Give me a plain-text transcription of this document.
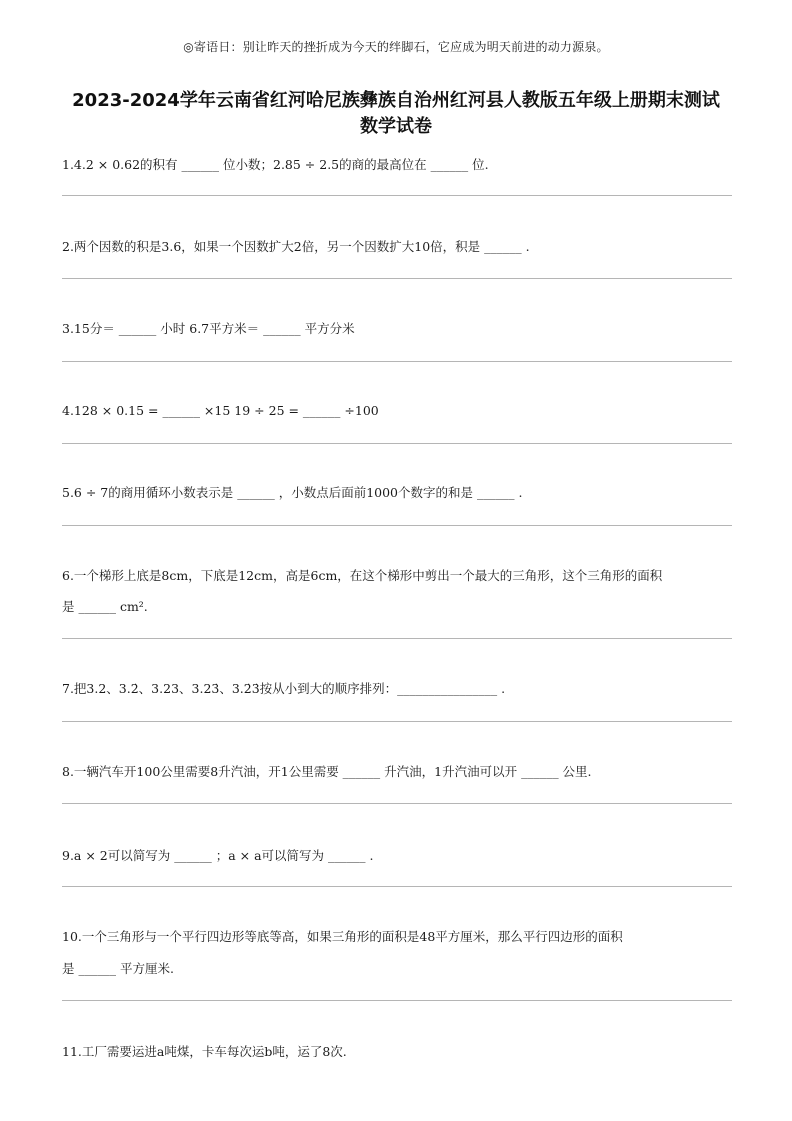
◎寄语日：别让昨天的挫折成为今天的绊脚石，它应成为明天前进的动力源泉。
2023-2024学年云南省红河哈尼族彝族自治州红河县人教版五年级上册期末测试
数学试卷
1.4.2 × 0.62的积有 ______ 位小数；2.85 ÷ 2.5的商的最高位在 ______ 位.
2.两个因数的积是3.6，如果一个因数扩大2倍，另一个因数扩大10倍，积是 ______ .
3.15分＝ ______ 小时 6.7平方米＝ ______ 平方分米
4.128 × 0.15 = ______ ×15 19 ÷ 25 = ______ ÷100
5.6 ÷ 7的商用循环小数表示是 ______ ，小数点后面前1000个数字的和是 ______ .
6.一个梯形上底是8cm，下底是12cm，高是6cm，在这个梯形中剪出一个最大的三角形，这个三角形的面积
是 ______ cm².
7.把3.2、3.2̇、3.23、3.23̇、3.2̇3̇按从小到大的顺序排列：________________ .
8.一辆汽车开100公里需要8升汽油，开1公里需要 ______ 升汽油，1升汽油可以开 ______ 公里.
9.a × 2可以简写为 ______ ；a × a可以简写为 ______ .
10.一个三角形与一个平行四边形等底等高，如果三角形的面积是48平方厘米，那么平行四边形的面积
是 ______ 平方厘米.
11.工厂需要运进a吨煤，卡车每次运b吨，运了8次.
